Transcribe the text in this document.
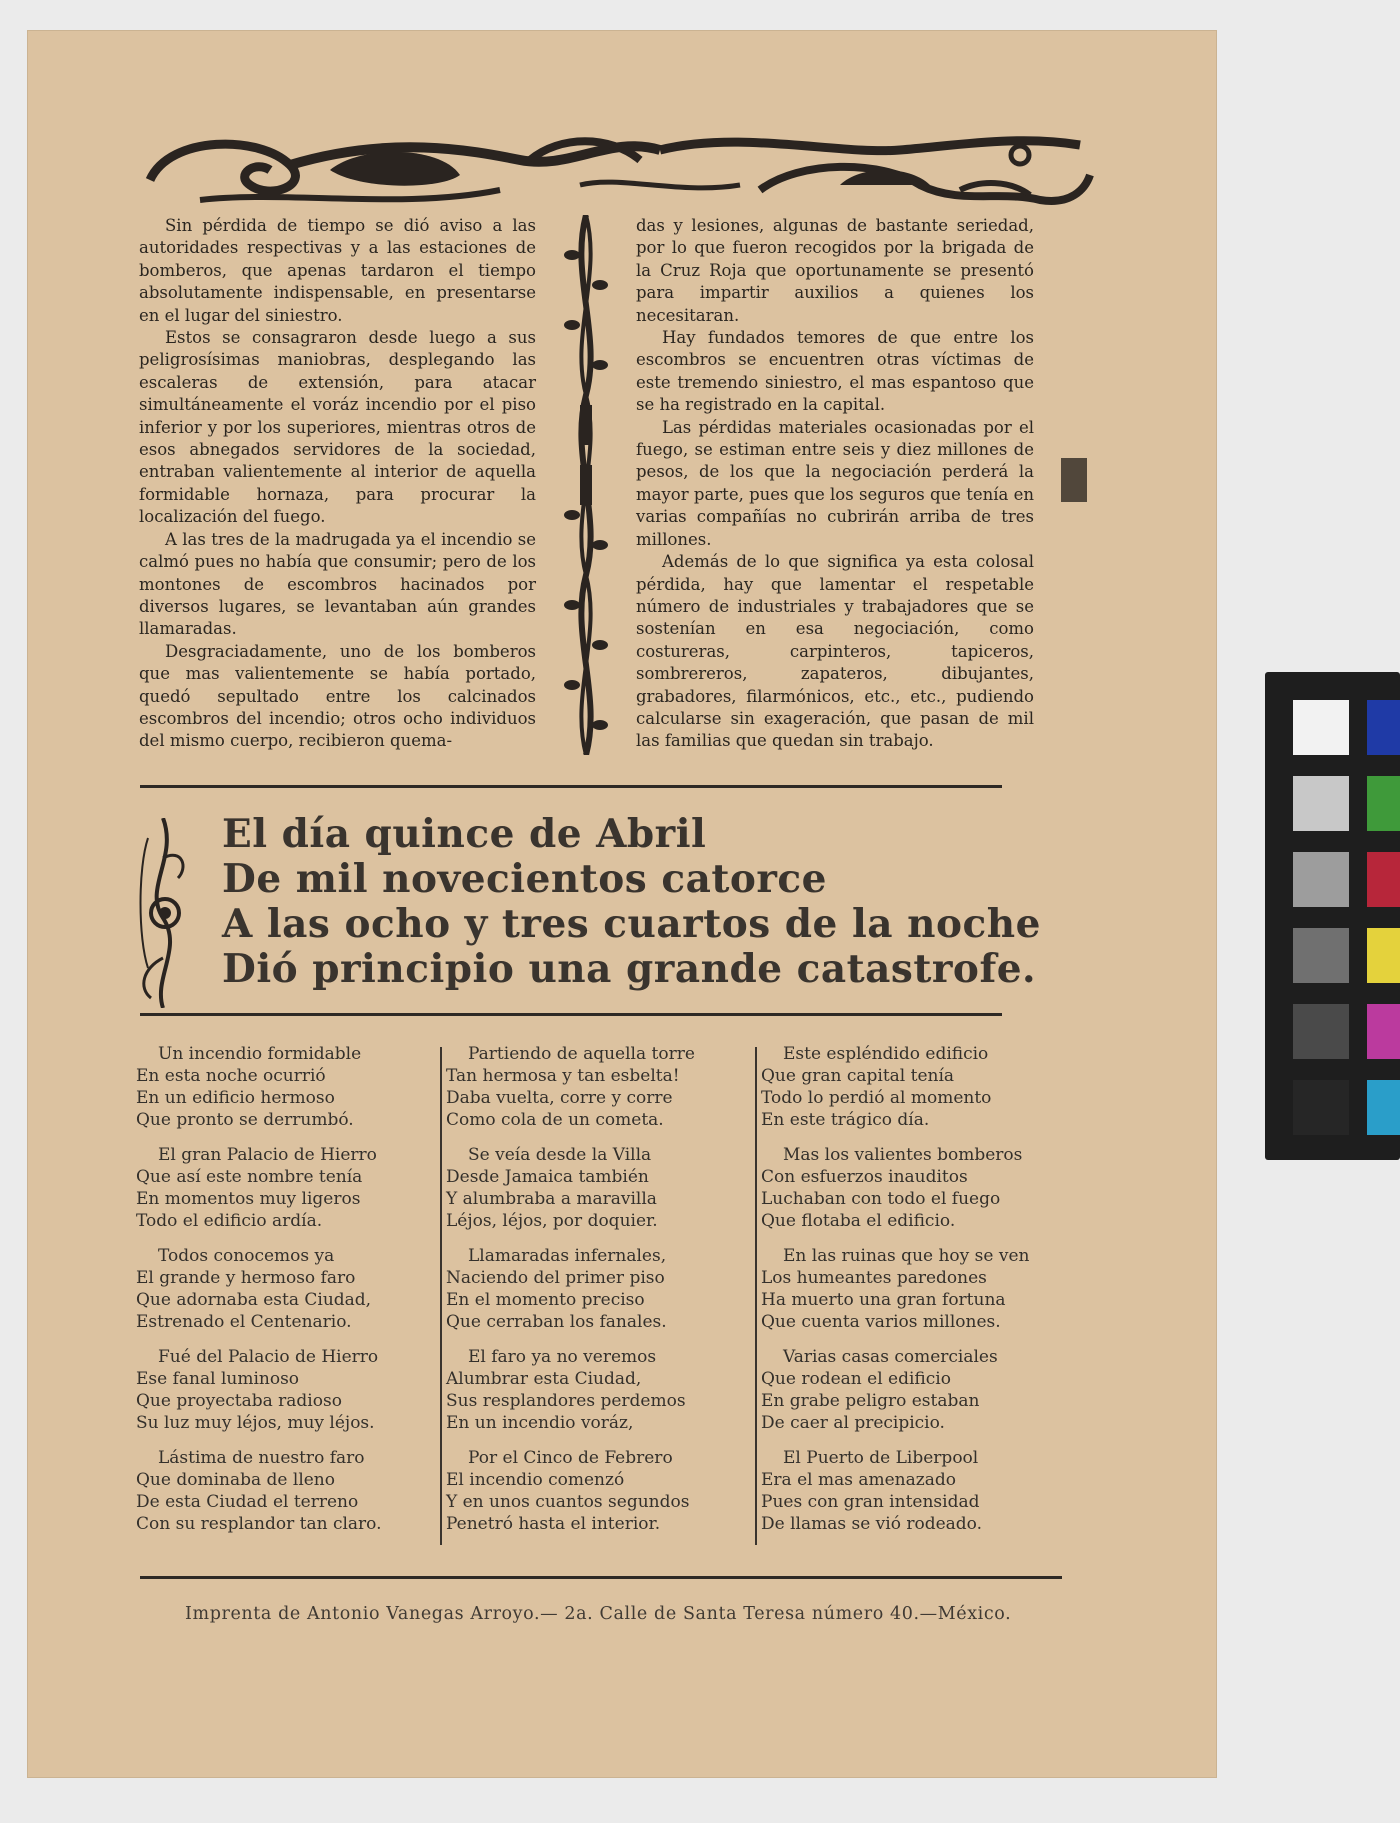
Sin pérdida de tiempo se dió aviso a las autoridades respectivas y a las estaciones de bomberos, que apenas tardaron el tiempo absolutamente indispensable, en presentarse en el lugar del siniestro.

Estos se consagraron desde luego a sus peligrosísimas maniobras, desplegando las escaleras de extensión, para atacar simultáneamente el voráz incendio por el piso inferior y por los superiores, mientras otros de esos abnegados servidores de la sociedad, entraban valientemente al interior de aquella formidable hornaza, para procurar la localización del fuego.

A las tres de la madrugada ya el incendio se calmó pues no había que consumir; pero de los montones de escombros hacinados por diversos lugares, se levantaban aún grandes llamaradas.

Desgraciadamente, uno de los bomberos que mas valientemente se había portado, quedó sepultado entre los calcinados escombros del incendio; otros ocho individuos del mismo cuerpo, recibieron quema-

das y lesiones, algunas de bastante seriedad, por lo que fueron recogidos por la brigada de la Cruz Roja que oportunamente se presentó para impartir auxilios a quienes los necesitaran.

Hay fundados temores de que entre los escombros se encuentren otras víctimas de este tremendo siniestro, el mas espantoso que se ha registrado en la capital.

Las pérdidas materiales ocasionadas por el fuego, se estiman entre seis y diez millones de pesos, de los que la negociación perderá la mayor parte, pues que los seguros que tenía en varias compañías no cubrirán arriba de tres millones.

Además de lo que significa ya esta colosal pérdida, hay que lamentar el respetable número de industriales y trabajadores que se sostenían en esa negociación, como costureras, carpinteros, tapiceros, sombrereros, zapateros, dibujantes, grabadores, filarmónicos, etc., etc., pudiendo calcularse sin exageración, que pasan de mil las familias que quedan sin trabajo.

El día quince de Abril
De mil novecientos catorce
A las ocho y tres cuartos de la noche
Dió principio una grande catastrofe.
Un incendio formidable
En esta noche ocurrió
En un edificio hermoso
Que pronto se derrumbó.
El gran Palacio de Hierro
Que así este nombre tenía
En momentos muy ligeros
Todo el edificio ardía.
Todos conocemos ya
El grande y hermoso faro
Que adornaba esta Ciudad,
Estrenado el Centenario.
Fué del Palacio de Hierro
Ese fanal luminoso
Que proyectaba radioso
Su luz muy léjos, muy léjos.
Lástima de nuestro faro
Que dominaba de lleno
De esta Ciudad el terreno
Con su resplandor tan claro.
Partiendo de aquella torre
Tan hermosa y tan esbelta!
Daba vuelta, corre y corre
Como cola de un cometa.
Se veía desde la Villa
Desde Jamaica también
Y alumbraba a maravilla
Léjos, léjos, por doquier.
Llamaradas infernales,
Naciendo del primer piso
En el momento preciso
Que cerraban los fanales.
El faro ya no veremos
Alumbrar esta Ciudad,
Sus resplandores perdemos
En un incendio voráz,
Por el Cinco de Febrero
El incendio comenzó
Y en unos cuantos segundos
Penetró hasta el interior.
Este espléndido edificio
Que gran capital tenía
Todo lo perdió al momento
En este trágico día.
Mas los valientes bomberos
Con esfuerzos inauditos
Luchaban con todo el fuego
Que flotaba el edificio.
En las ruinas que hoy se ven
Los humeantes paredones
Ha muerto una gran fortuna
Que cuenta varios millones.
Varias casas comerciales
Que rodean el edificio
En grabe peligro estaban
De caer al precipicio.
El Puerto de Liberpool
Era el mas amenazado
Pues con gran intensidad
De llamas se vió rodeado.
Imprenta de Antonio Vanegas Arroyo.— 2a. Calle de Santa Teresa número 40.—México.
